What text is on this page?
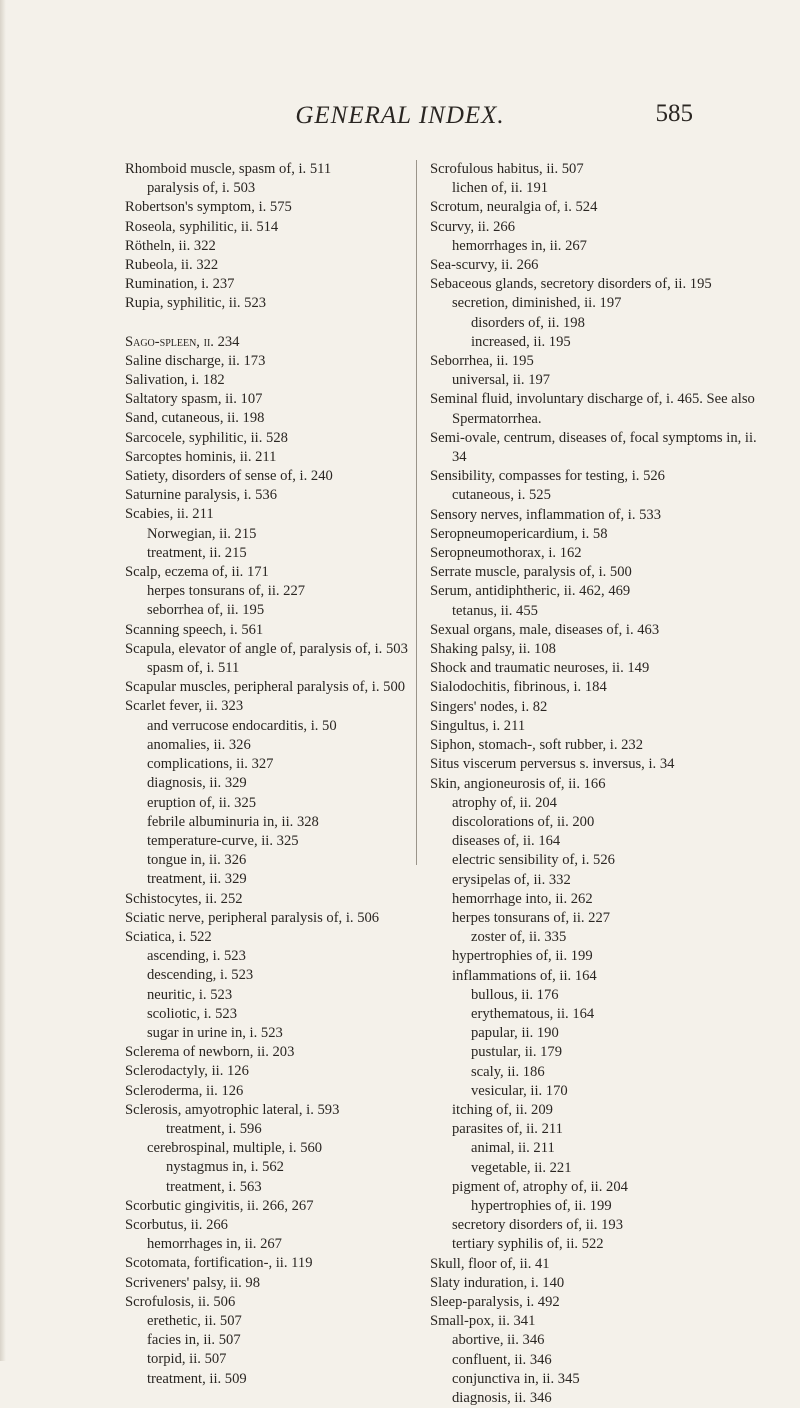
GENERAL INDEX.	585
Rhomboid muscle, spasm of, i. 511
paralysis of, i. 503
Robertson's symptom, i. 575
Roseola, syphilitic, ii. 514
Rötheln, ii. 322
Rubeola, ii. 322
Rumination, i. 237
Rupia, syphilitic, ii. 523
Sago-spleen, ii. 234
Saline discharge, ii. 173
Salivation, i. 182
Saltatory spasm, ii. 107
Sand, cutaneous, ii. 198
Sarcocele, syphilitic, ii. 528
Sarcoptes hominis, ii. 211
Satiety, disorders of sense of, i. 240
Saturnine paralysis, i. 536
Scabies, ii. 211
Norwegian, ii. 215
treatment, ii. 215
Scalp, eczema of, ii. 171
herpes tonsurans of, ii. 227
seborrhea of, ii. 195
Scanning speech, i. 561
Scapula, elevator of angle of, paralysis of, i. 503
spasm of, i. 511
Scapular muscles, peripheral paralysis of, i. 500
Scarlet fever, ii. 323
and verrucose endocarditis, i. 50
anomalies, ii. 326
complications, ii. 327
diagnosis, ii. 329
eruption of, ii. 325
febrile albuminuria in, ii. 328
temperature-curve, ii. 325
tongue in, ii. 326
treatment, ii. 329
Schistocytes, ii. 252
Sciatic nerve, peripheral paralysis of, i. 506
Sciatica, i. 522
ascending, i. 523
descending, i. 523
neuritic, i. 523
scoliotic, i. 523
sugar in urine in, i. 523
Sclerema of newborn, ii. 203
Sclerodactyly, ii. 126
Scleroderma, ii. 126
Sclerosis, amyotrophic lateral, i. 593
treatment, i. 596
cerebrospinal, multiple, i. 560
nystagmus in, i. 562
treatment, i. 563
Scorbutic gingivitis, ii. 266, 267
Scorbutus, ii. 266
hemorrhages in, ii. 267
Scotomata, fortification-, ii. 119
Scriveners' palsy, ii. 98
Scrofulosis, ii. 506
erethetic, ii. 507
facies in, ii. 507
torpid, ii. 507
treatment, ii. 509
Scrofulous habitus, ii. 507
lichen of, ii. 191
Scrotum, neuralgia of, i. 524
Scurvy, ii. 266
hemorrhages in, ii. 267
Sea-scurvy, ii. 266
Sebaceous glands, secretory disorders of, ii. 195
secretion, diminished, ii. 197
disorders of, ii. 198
increased, ii. 195
Seborrhea, ii. 195
universal, ii. 197
Seminal fluid, involuntary discharge of, i. 465. See also Spermatorrhea.
Semi-ovale, centrum, diseases of, focal symptoms in, ii. 34
Sensibility, compasses for testing, i. 526
cutaneous, i. 525
Sensory nerves, inflammation of, i. 533
Seropneumopericardium, i. 58
Seropneumothorax, i. 162
Serrate muscle, paralysis of, i. 500
Serum, antidiphtheric, ii. 462, 469
tetanus, ii. 455
Sexual organs, male, diseases of, i. 463
Shaking palsy, ii. 108
Shock and traumatic neuroses, ii. 149
Sialodochitis, fibrinous, i. 184
Singers' nodes, i. 82
Singultus, i. 211
Siphon, stomach-, soft rubber, i. 232
Situs viscerum perversus s. inversus, i. 34
Skin, angioneurosis of, ii. 166
atrophy of, ii. 204
discolorations of, ii. 200
diseases of, ii. 164
electric sensibility of, i. 526
erysipelas of, ii. 332
hemorrhage into, ii. 262
herpes tonsurans of, ii. 227
zoster of, ii. 335
hypertrophies of, ii. 199
inflammations of, ii. 164
bullous, ii. 176
erythematous, ii. 164
papular, ii. 190
pustular, ii. 179
scaly, ii. 186
vesicular, ii. 170
itching of, ii. 209
parasites of, ii. 211
animal, ii. 211
vegetable, ii. 221
pigment of, atrophy of, ii. 204
hypertrophies of, ii. 199
secretory disorders of, ii. 193
tertiary syphilis of, ii. 522
Skull, floor of, ii. 41
Slaty induration, i. 140
Sleep-paralysis, i. 492
Small-pox, ii. 341
abortive, ii. 346
confluent, ii. 346
conjunctiva in, ii. 345
diagnosis, ii. 346
